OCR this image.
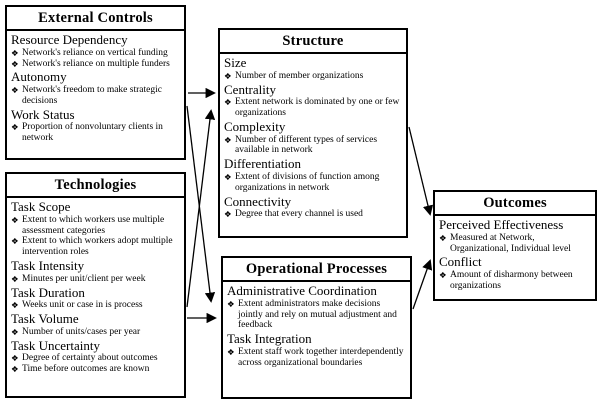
External Controls
Resource Dependency
❖ Network's reliance on vertical funding
❖ Network's reliance on multiple funders
Autonomy
❖ Network's freedom to make strategic decisions
Work Status
❖ Proportion of nonvoluntary clients in network
Technologies
Task Scope
❖ Extent to which workers use multiple assessment categories
❖ Extent to which workers adopt multiple intervention roles
Task Intensity
❖ Minutes per unit/client per week
Task Duration
❖ Weeks unit or case in is process
Task Volume
❖ Number of units/cases per year
Task Uncertainty
❖ Degree of certainty about outcomes
❖ Time before outcomes are known
Structure
Size
❖ Number of member organizations
Centrality
❖ Extent network is dominated by one or few organizations
Complexity
❖ Number of different types of services available in network
Differentiation
❖ Extent of divisions of function among organizations in network
Connectivity
❖ Degree that every channel is used
Operational Processes
Administrative Coordination
❖ Extent administrators make decisions jointly and rely on mutual adjustment and feedback
Task Integration
❖ Extent staff work together interdependently across organizational boundaries
Outcomes
Perceived Effectiveness
❖ Measured at Network, Organizational, Individual level
Conflict
❖ Amount of disharmony between organizations
